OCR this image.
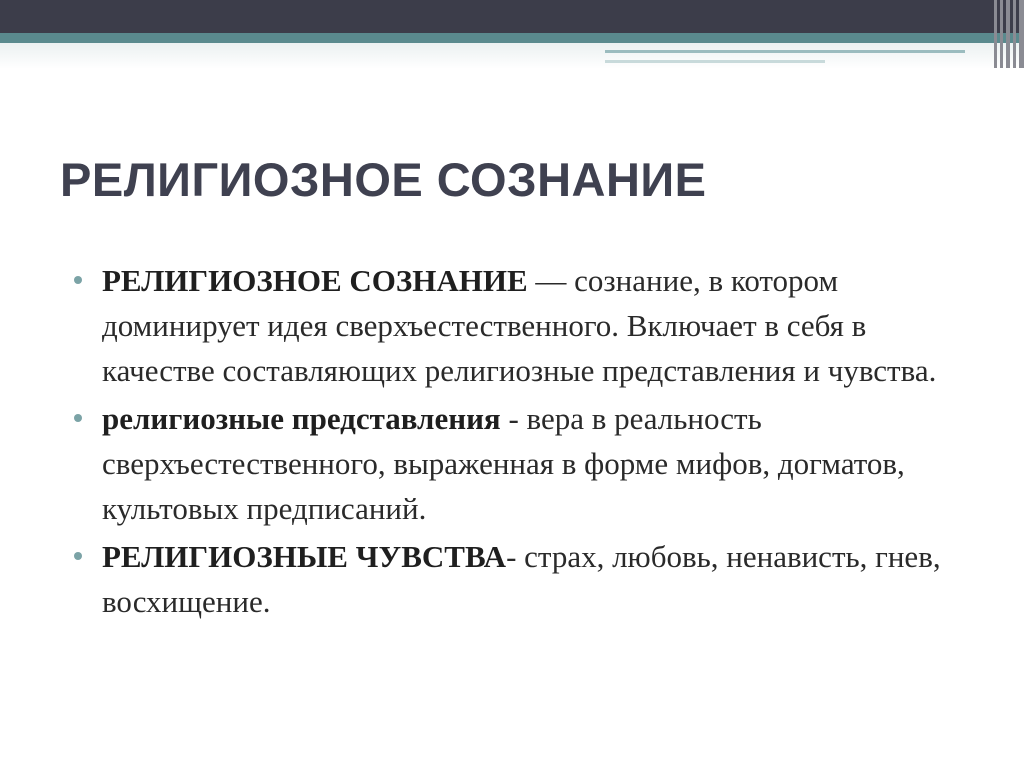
РЕЛИГИОЗНОЕ СОЗНАНИЕ
РЕЛИГИОЗНОЕ СОЗНАНИЕ — сознание, в котором доминирует идея сверхъестественного. Включает в себя в качестве составляющих религиозные представления и чувства.
религиозные представления - вера в реальность сверхъестественного, выраженная в форме мифов, догматов, культовых предписаний.
РЕЛИГИОЗНЫЕ ЧУВСТВА- страх, любовь, ненависть, гнев, восхищение.
